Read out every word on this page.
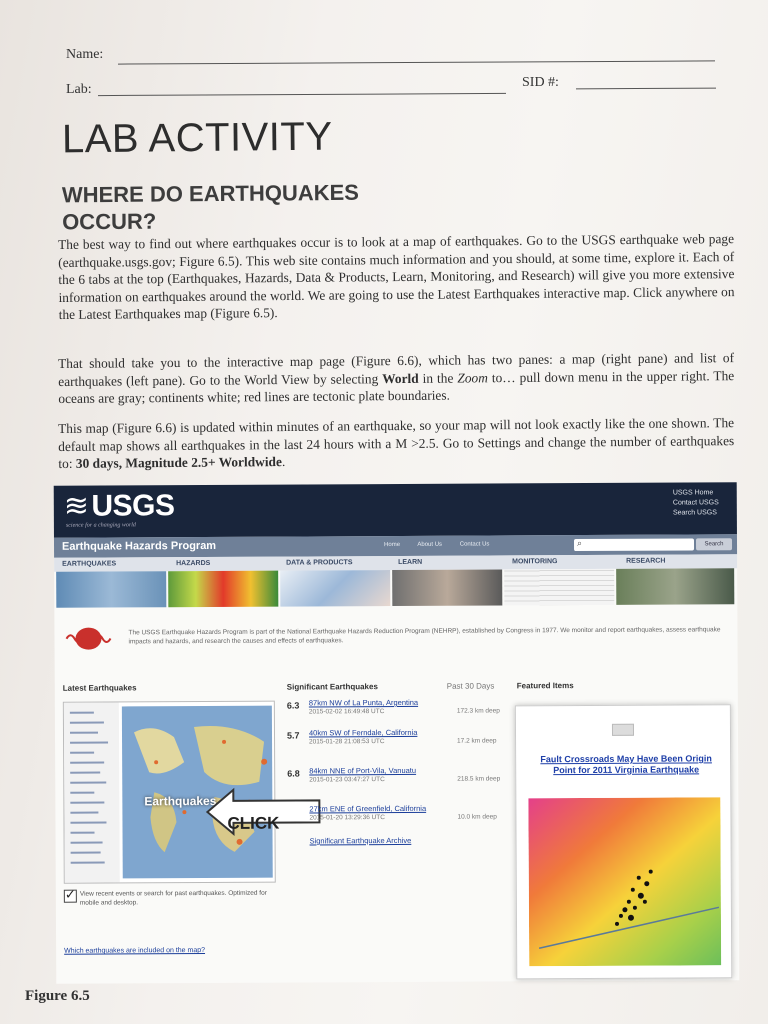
Name:
Lab:	SID #:
LAB ACTIVITY
WHERE DO EARTHQUAKES OCCUR?
The best way to find out where earthquakes occur is to look at a map of earthquakes. Go to the USGS earthquake web page (earthquake.usgs.gov; Figure 6.5). This web site contains much information and you should, at some time, explore it. Each of the 6 tabs at the top (Earthquakes, Hazards, Data & Products, Learn, Monitoring, and Research) will give you more extensive information on earthquakes around the world. We are going to use the Latest Earthquakes interactive map. Click anywhere on the Latest Earthquakes map (Figure 6.5).
That should take you to the interactive map page (Figure 6.6), which has two panes: a map (right pane) and list of earthquakes (left pane). Go to the World View by selecting World in the Zoom to… pull down menu in the upper right. The oceans are gray; continents white; red lines are tectonic plate boundaries.
This map (Figure 6.6) is updated within minutes of an earthquake, so your map will not look exactly like the one shown. The default map shows all earthquakes in the last 24 hours with a M >2.5. Go to Settings and change the number of earthquakes to: 30 days, Magnitude 2.5+ Worldwide.
≋USGS
science for a changing world
USGS Home
Contact USGS
Search USGS
Earthquake Hazards Program	Home	About Us	Contact Us	⌕	Search
EARTHQUAKES	HAZARDS	DATA & PRODUCTS	LEARN	MONITORING	RESEARCH
The USGS Earthquake Hazards Program is part of the National Earthquake Hazards Reduction Program (NEHRP), established by Congress in 1977. We monitor and report earthquakes, assess earthquake impacts and hazards, and research the causes and effects of earthquakes.
Latest Earthquakes	Significant Earthquakes	Past 30 Days	Featured Items
Earthquakes
CLICK
✓ View recent events or search for past earthquakes. Optimized for mobile and desktop.
Which earthquakes are included on the map?
6.3 87km NW of La Punta, Argentina
2015-02-02 16:49:48 UTC	172.3 km deep
5.7 40km SW of Ferndale, California
2015-01-28 21:08:53 UTC	17.2 km deep
6.8 84km NNE of Port-Vila, Vanuatu
2015-01-23 03:47:27 UTC	218.5 km deep
27km ENE of Greenfield, California
2015-01-20 13:29:36 UTC	10.0 km deep
Significant Earthquake Archive
Fault Crossroads May Have Been Origin Point for 2011 Virginia Earthquake
Figure 6.5
